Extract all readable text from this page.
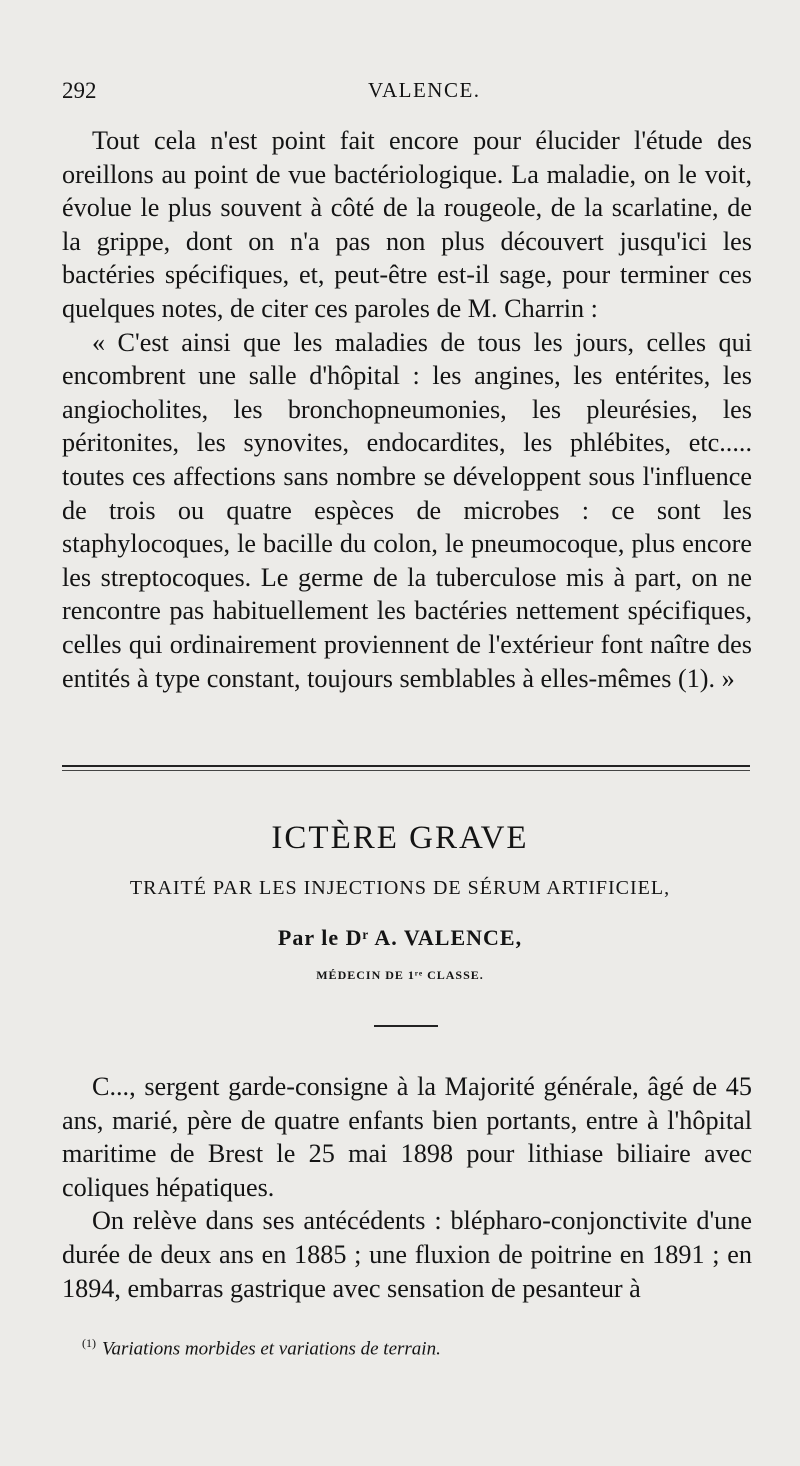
292	VALENCE.

Tout cela n'est point fait encore pour élucider l'étude des oreillons au point de vue bactériologique. La maladie, on le voit, évolue le plus souvent à côté de la rougeole, de la scarlatine, de la grippe, dont on n'a pas non plus découvert jusqu'ici les bactéries spécifiques, et, peut-être est-il sage, pour terminer ces quelques notes, de citer ces paroles de M. Charrin :

« C'est ainsi que les maladies de tous les jours, celles qui encombrent une salle d'hôpital : les angines, les entérites, les angiocholites, les bronchopneumonies, les pleurésies, les péritonites, les synovites, endocardites, les phlébites, etc..... toutes ces affections sans nombre se développent sous l'influence de trois ou quatre espèces de microbes : ce sont les staphylocoques, le bacille du colon, le pneumocoque, plus encore les streptocoques. Le germe de la tuberculose mis à part, on ne rencontre pas habituellement les bactéries nettement spécifiques, celles qui ordinairement proviennent de l'extérieur font naître des entités à type constant, toujours semblables à elles-mêmes (1). »

ICTÈRE GRAVE
TRAITÉ PAR LES INJECTIONS DE SÉRUM ARTIFICIEL,
Par le Dʳ A. VALENCE,
MÉDECIN DE 1ʳᵉ CLASSE.

C..., sergent garde-consigne à la Majorité générale, âgé de 45 ans, marié, père de quatre enfants bien portants, entre à l'hôpital maritime de Brest le 25 mai 1898 pour lithiase biliaire avec coliques hépatiques.

On relève dans ses antécédents : blépharo-conjonctivite d'une durée de deux ans en 1885 ; une fluxion de poitrine en 1891 ; en 1894, embarras gastrique avec sensation de pesanteur à

$^{(1)}$ Variations morbides et variations de terrain.
